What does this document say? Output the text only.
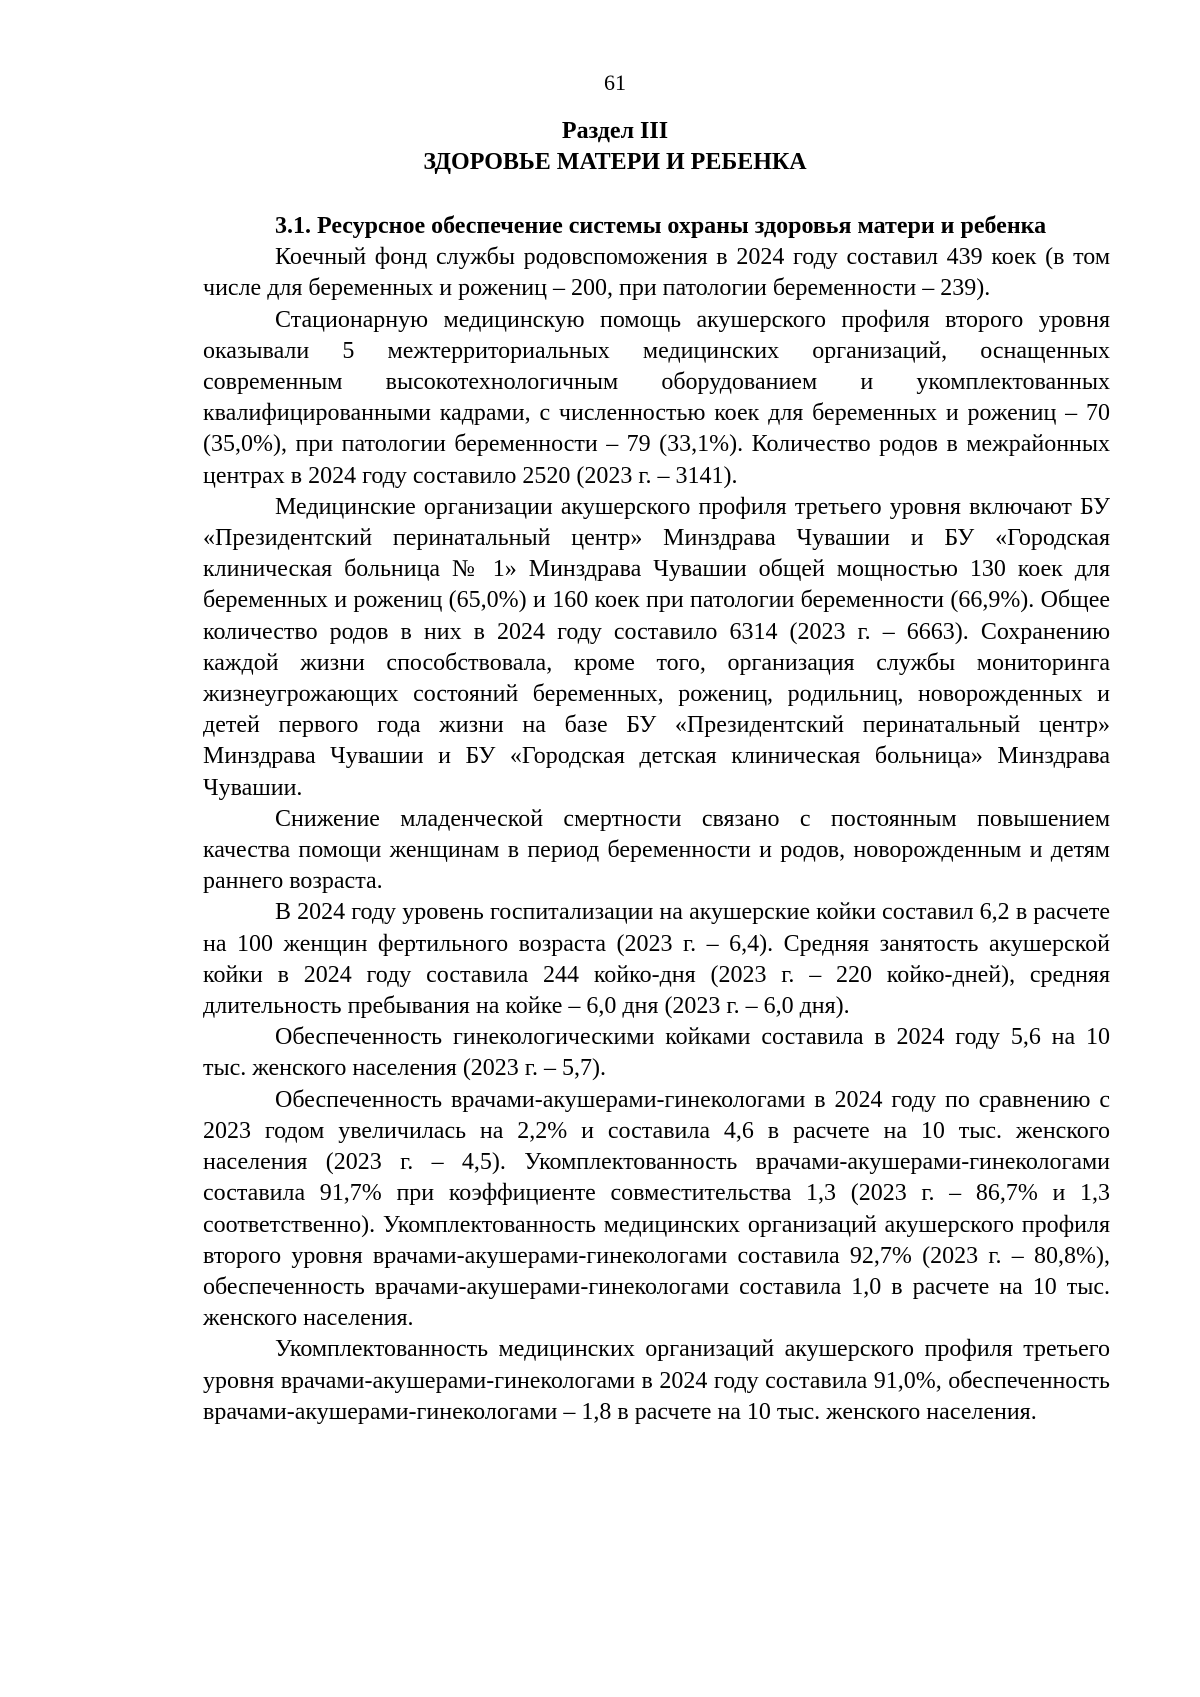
61
Раздел III
ЗДОРОВЬЕ МАТЕРИ И РЕБЕНКА
3.1. Ресурсное обеспечение системы охраны здоровья матери и ребенка

Коечный фонд службы родовспоможения в 2024 году составил 439 коек (в том числе для беременных и рожениц – 200, при патологии беременности – 239).

Стационарную медицинскую помощь акушерского профиля второго уровня оказывали 5 межтерриториальных медицинских организаций, оснащенных современным высокотехнологичным оборудованием и укомплектованных квалифицированными кадрами, с численностью коек для беременных и рожениц – 70 (35,0%), при патологии беременности – 79 (33,1%). Количество родов в межрайонных центрах в 2024 году составило 2520 (2023 г. – 3141).

Медицинские организации акушерского профиля третьего уровня включают БУ «Президентский перинатальный центр» Минздрава Чувашии и БУ «Городская клиническая больница № 1» Минздрава Чувашии общей мощностью 130 коек для беременных и рожениц (65,0%) и 160 коек при патологии беременности (66,9%). Общее количество родов в них в 2024 году составило 6314 (2023 г. – 6663). Сохранению каждой жизни способствовала, кроме того, организация службы мониторинга жизнеугрожающих состояний беременных, рожениц, родильниц, новорожденных и детей первого года жизни на базе БУ «Президентский перинатальный центр» Минздрава Чувашии и БУ «Городская детская клиническая больница» Минздрава Чувашии.

Снижение младенческой смертности связано с постоянным повышением качества помощи женщинам в период беременности и родов, новорожденным и детям раннего возраста.

В 2024 году уровень госпитализации на акушерские койки составил 6,2 в расчете на 100 женщин фертильного возраста (2023 г. – 6,4). Средняя занятость акушерской койки в 2024 году составила 244 койко-дня (2023 г. – 220 койко-дней), средняя длительность пребывания на койке – 6,0 дня (2023 г. – 6,0 дня).

Обеспеченность гинекологическими койками составила в 2024 году 5,6 на 10 тыс. женского населения (2023 г. – 5,7).

Обеспеченность врачами-акушерами-гинекологами в 2024 году по сравнению с 2023 годом увеличилась на 2,2% и составила 4,6 в расчете на 10 тыс. женского населения (2023 г. – 4,5). Укомплектованность врачами-акушерами-гинекологами составила 91,7% при коэффициенте совместительства 1,3 (2023 г. – 86,7% и 1,3 соответственно). Укомплектованность медицинских организаций акушерского профиля второго уровня врачами-акушерами-гинекологами составила 92,7% (2023 г. – 80,8%), обеспеченность врачами-акушерами-гинекологами составила 1,0 в расчете на 10 тыс. женского населения.

Укомплектованность медицинских организаций акушерского профиля третьего уровня врачами-акушерами-гинекологами в 2024 году составила 91,0%, обеспеченность врачами-акушерами-гинекологами – 1,8 в расчете на 10 тыс. женского населения.
